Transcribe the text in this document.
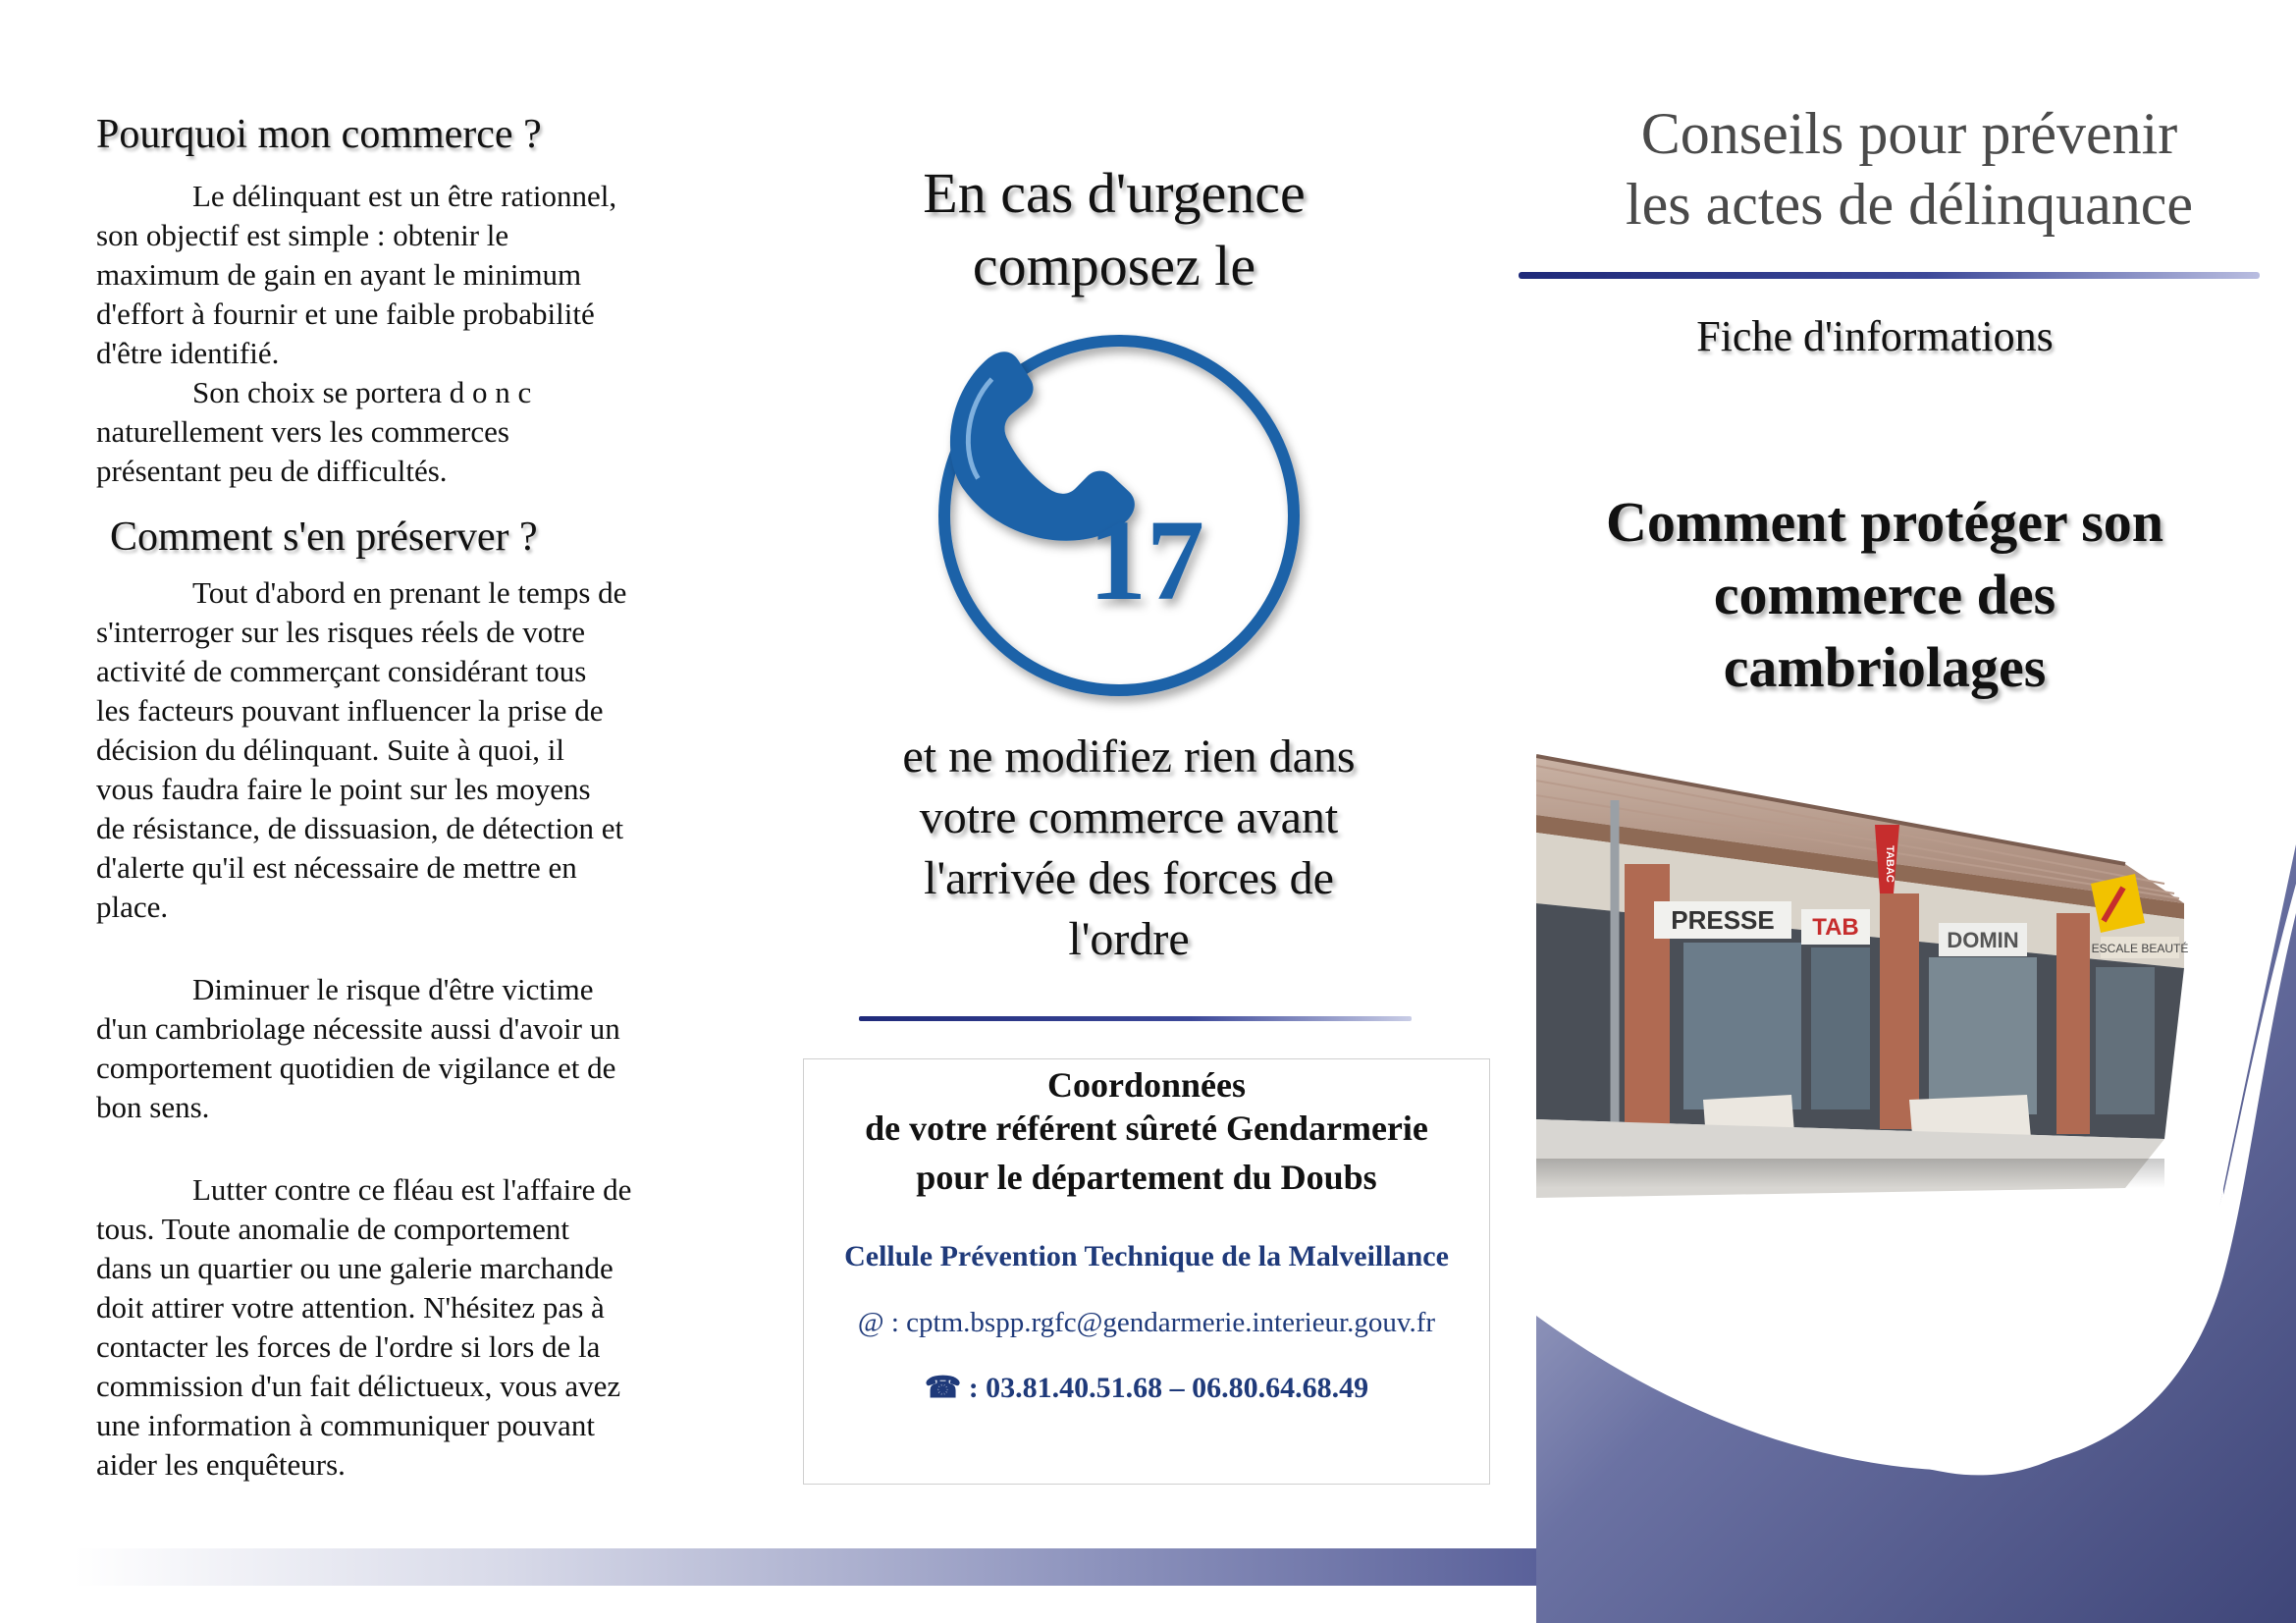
Pourquoi mon commerce ?
Le délinquant est un être rationnel,
son objectif est simple : obtenir le
maximum de gain en ayant le minimum
d'effort à fournir et une faible probabilité
d'être identifié.
Son choix se portera d o n c
naturellement vers les commerces
présentant peu de difficultés.
Comment s'en préserver ?
Tout d'abord en prenant le temps de
s'interroger sur les risques réels de votre
activité de commerçant considérant tous
les facteurs pouvant influencer la prise de
décision du délinquant. Suite à quoi, il
vous faudra faire le point sur les moyens
de résistance, de dissuasion, de détection et
d'alerte qu'il est nécessaire de mettre en
place.
Diminuer le risque d'être victime
d'un cambriolage nécessite aussi d'avoir un
comportement quotidien de vigilance et de
bon sens.
Lutter contre ce fléau est l'affaire de
tous. Toute anomalie de comportement
dans un quartier ou une galerie marchande
doit attirer votre attention. N'hésitez pas à
contacter les forces de l'ordre si lors de la
commission d'un fait délictueux, vous avez
une information à communiquer pouvant
aider les enquêteurs.
En cas d'urgence
composez le
17
et ne modifiez rien dans
votre commerce avant
l'arrivée des forces de
l'ordre

Coordonnées

de votre référent sûreté Gendarmerie

pour le département du Doubs

Cellule Prévention Technique de la Malveillance

@ : cptm.bspp.rgfc@gendarmerie.interieur.gouv.fr

☎ : 03.81.40.51.68 – 06.80.64.68.49

Conseils pour prévenir
les actes de délinquance
Fiche d'informations
Comment protéger son
commerce des
cambriolages
PRESSE TAB	DOMIN
TABAC
ESCALE BEAUTÉ
